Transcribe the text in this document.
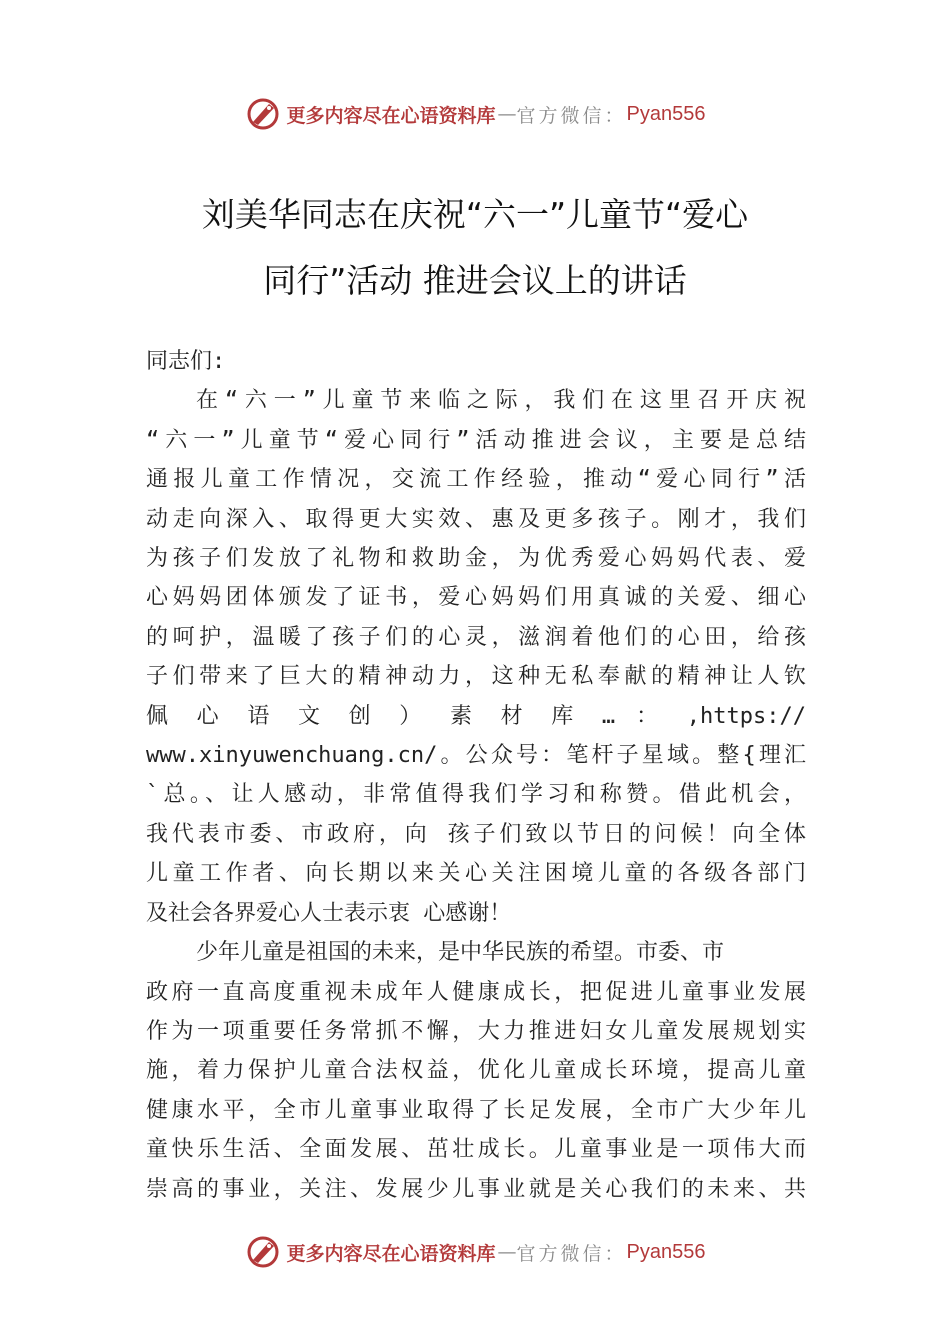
更多内容尽在心语资料库 — 官方微信： Pyan556
刘美华同志在庆祝“六一”儿童节“爱心
同行”活动 推进会议上的讲话
同志们:
在“六一”儿童节来临之际，我们在这里召开庆祝
“六一”儿童节“爱心同行”活动推进会议，主要是总结
通报儿童工作情况，交流工作经验，推动“爱心同行”活
动走向深入、取得更大实效、惠及更多孩子。刚才，我们
为孩子们发放了礼物和救助金，为优秀爱心妈妈代表、爱
心妈妈团体颁发了证书，爱心妈妈们用真诚的关爱、细心
的呵护，温暖了孩子们的心灵，滋润着他们的心田，给孩
子们带来了巨大的精神动力，这种无私奉献的精神让人钦
佩 心 语 文 创 ） 素 材 库 … ： ,https://
www.xinyuwenchuang.cn/。公众号：笔杆子星域。整{理汇
`总。、让人感动，非常值得我们学习和称赞。借此机会，
我代表市委、市政府，向 孩子们致以节日的问候！向全体
儿童工作者、向长期以来关心关注困境儿童的各级各部门
及社会各界爱心人士表示衷 心感谢！
少年儿童是祖国的未来，是中华民族的希望。市委、市
政府一直高度重视未成年人健康成长，把促进儿童事业发展
作为一项重要任务常抓不懈，大力推进妇女儿童发展规划实
施，着力保护儿童合法权益，优化儿童成长环境，提高儿童
健康水平，全市儿童事业取得了长足发展，全市广大少年儿
童快乐生活、全面发展、茁壮成长。儿童事业是一项伟大而
崇高的事业，关注、发展少儿事业就是关心我们的未来、共
更多内容尽在心语资料库 — 官方微信： Pyan556
